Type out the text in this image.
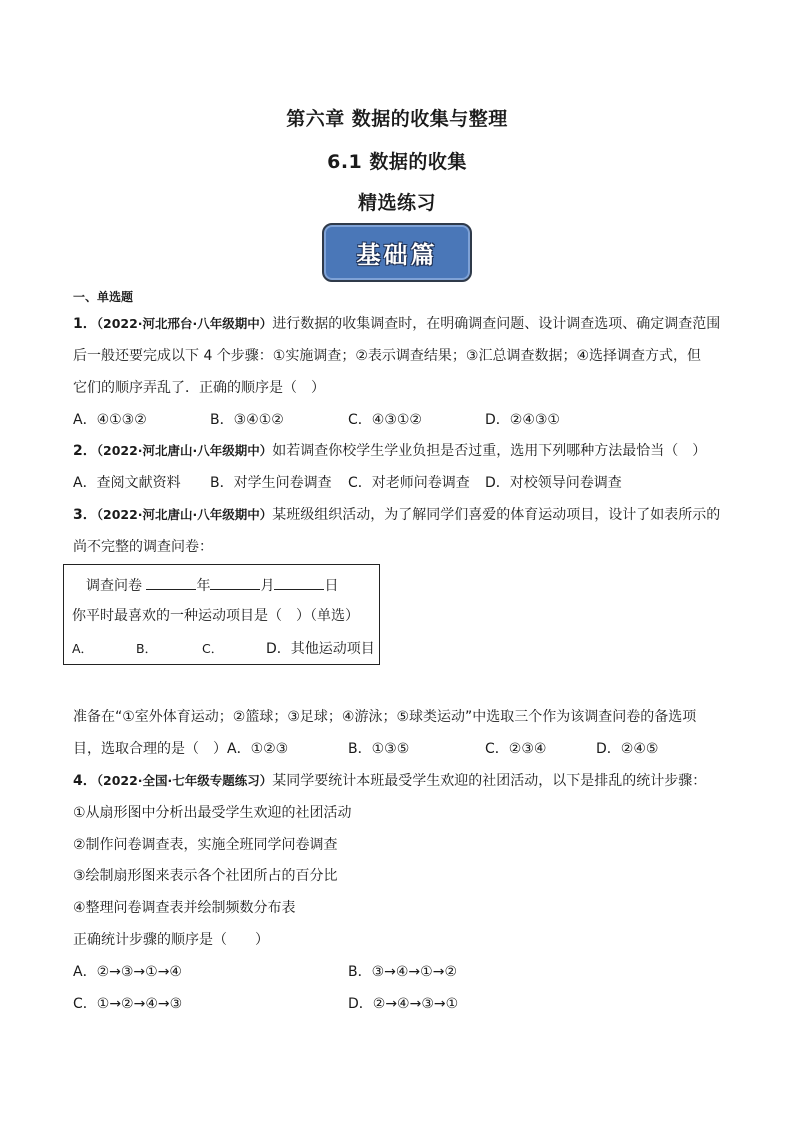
第六章 数据的收集与整理
6.1 数据的收集
精选练习
基础篇
一、单选题
1．（2022·河北邢台·八年级期中）进行数据的收集调查时，在明确调查问题、设计调查选项、确定调查范围
后一般还要完成以下 4 个步骤：①实施调查；②表示调查结果；③汇总调查数据；④选择调查方式，但
它们的顺序弄乱了．正确的顺序是（　）
A．④①③②	B．③④①②	C．④③①②	D．②④③①
2．（2022·河北唐山·八年级期中）如若调查你校学生学业负担是否过重，选用下列哪种方法最恰当（　）
A．查阅文献资料 B．对学生问卷调查 C．对老师问卷调查 D．对校领导问卷调查
3．（2022·河北唐山·八年级期中）某班级组织活动，为了解同学们喜爱的体育运动项目，设计了如表所示的
尚不完整的调查问卷：
调查问卷	年	月	日
你平时最喜欢的一种运动项目是（　）（单选）
A．	B．	C．	D．其他运动项目
准备在“①室外体育运动；②篮球；③足球；④游泳；⑤球类运动”中选取三个作为该调查问卷的备选项
目，选取合理的是（　） A．①②③	B．①③⑤	C．②③④	D．②④⑤
4．（2022·全国·七年级专题练习）某同学要统计本班最受学生欢迎的社团活动，以下是排乱的统计步骤：
①从扇形图中分析出最受学生欢迎的社团活动
②制作问卷调查表，实施全班同学问卷调查
③绘制扇形图来表示各个社团所占的百分比
④整理问卷调查表并绘制频数分布表
正确统计步骤的顺序是（　　）
A．②→③→①→④	B．③→④→①→②
C．①→②→④→③	D．②→④→③→①
